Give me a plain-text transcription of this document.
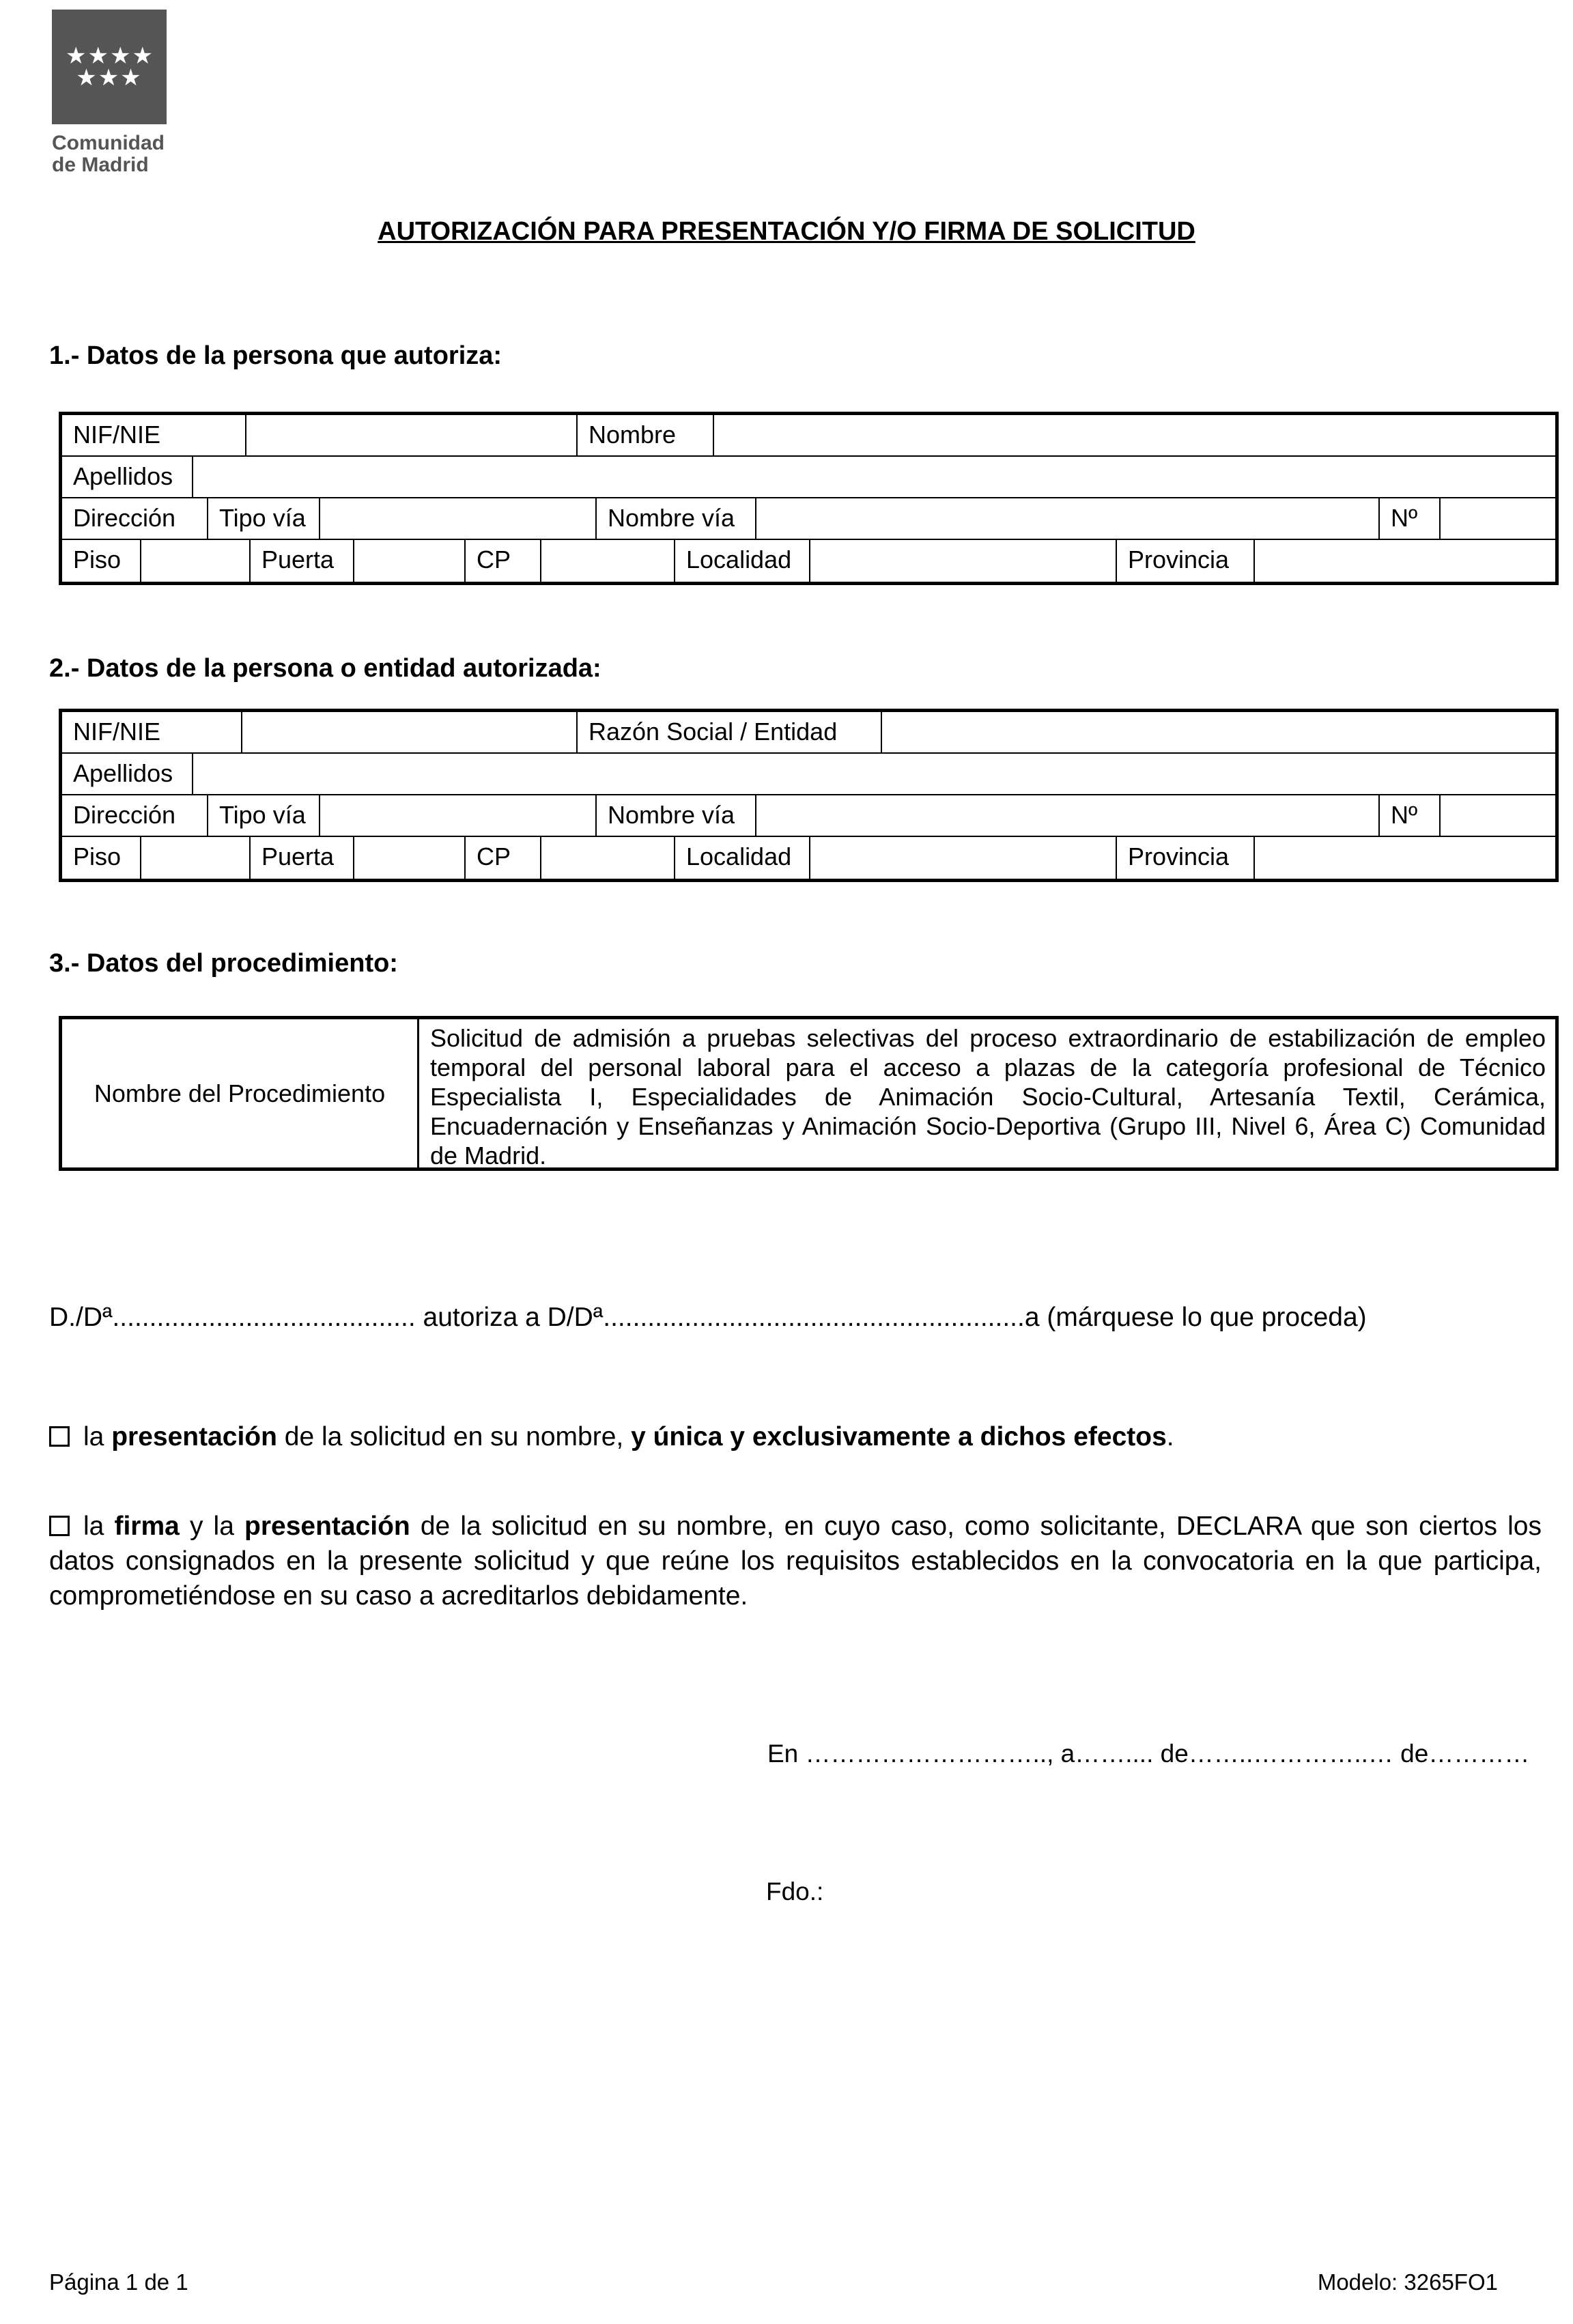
★★★★
★★★
Comunidad
de Madrid
AUTORIZACIÓN PARA PRESENTACIÓN Y/O FIRMA DE SOLICITUD
1.- Datos de la persona que autoriza:
NIF/NIE	Nombre
Apellidos
Dirección	Tipo vía	Nombre vía	Nº
Piso	Puerta	CP	Localidad	Provincia
2.- Datos de la persona o entidad autorizada:
NIF/NIE	Razón Social / Entidad
Apellidos
Dirección	Tipo vía	Nombre vía	Nº
Piso	Puerta	CP	Localidad	Provincia
3.- Datos del procedimiento:
Nombre del Procedimiento
Solicitud de admisión a pruebas selectivas del proceso extraordinario de estabilización de empleo temporal del personal laboral para el acceso a plazas de la categoría profesional de Técnico Especialista I, Especialidades de Animación Socio-Cultural, Artesanía Textil, Cerámica, Encuadernación y Enseñanzas y Animación Socio-Deportiva (Grupo III, Nivel 6, Área C) Comunidad de Madrid.
D./Dª......................................... autoriza a D/Dª.........................................................a (márquese lo que proceda)
la presentación de la solicitud en su nombre, y única y exclusivamente a dichos efectos.
la firma y la presentación de la solicitud en su nombre, en cuyo caso, como solicitante, DECLARA que son ciertos los datos consignados en la presente solicitud y que reúne los requisitos establecidos en la convocatoria en la que participa, comprometiéndose en su caso a acreditarlos debidamente.
En ……………………….., a…….... de……..…………..… de…………
Fdo.:
Página 1 de 1	Modelo: 3265FO1
